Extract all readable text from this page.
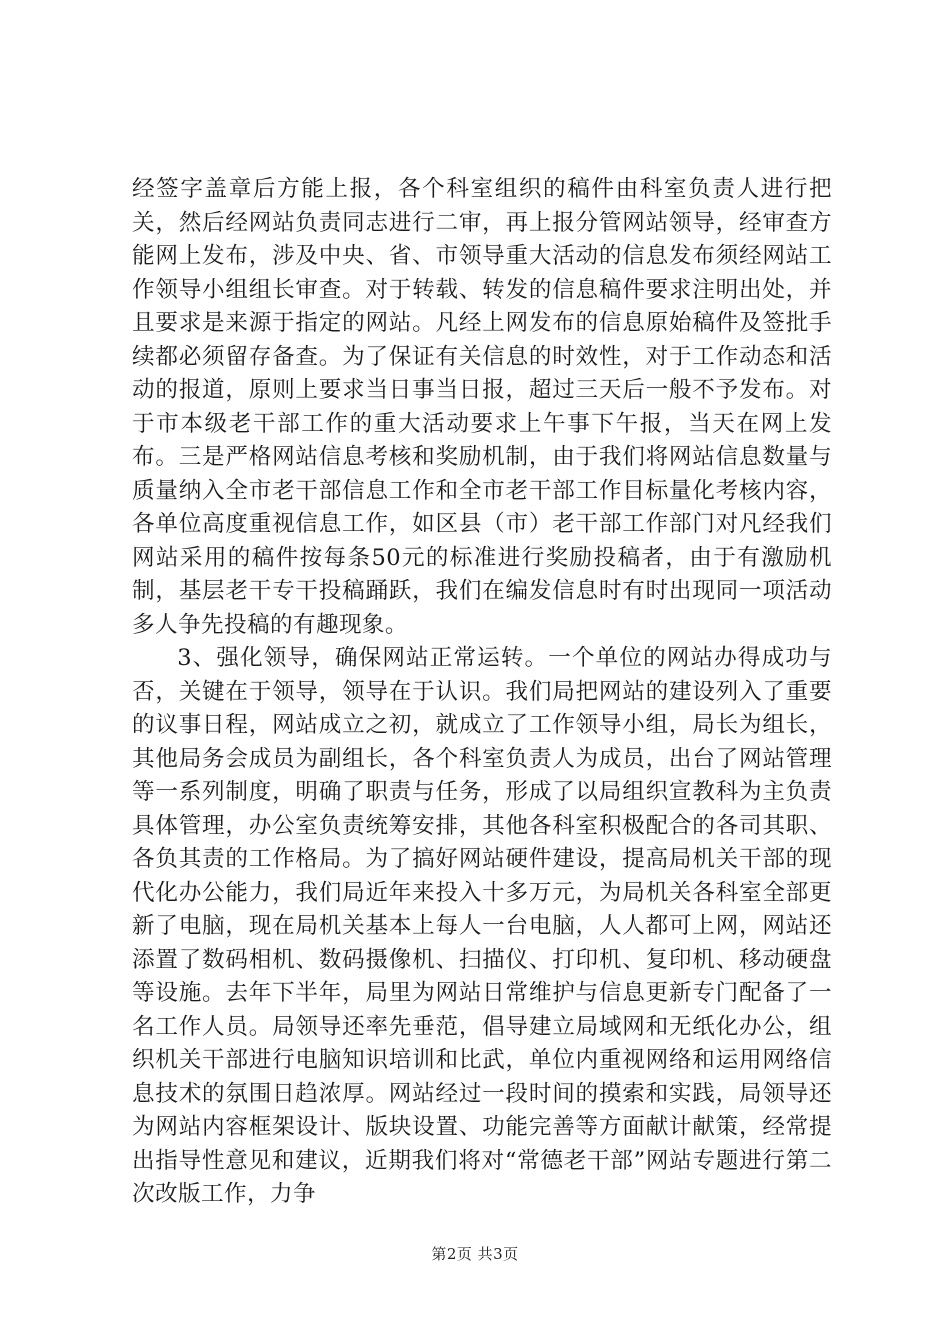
经签字盖章后方能上报，各个科室组织的稿件由科室负责人进行把关，然后经网站负责同志进行二审，再上报分管网站领导，经审查方能网上发布，涉及中央、省、市领导重大活动的信息发布须经网站工作领导小组组长审查。对于转载、转发的信息稿件要求注明出处，并且要求是来源于指定的网站。凡经上网发布的信息原始稿件及签批手续都必须留存备查。为了保证有关信息的时效性，对于工作动态和活动的报道，原则上要求当日事当日报，超过三天后一般不予发布。对于市本级老干部工作的重大活动要求上午事下午报，当天在网上发布。三是严格网站信息考核和奖励机制，由于我们将网站信息数量与质量纳入全市老干部信息工作和全市老干部工作目标量化考核内容，各单位高度重视信息工作，如区县（市）老干部工作部门对凡经我们网站采用的稿件按每条50元的标准进行奖励投稿者，由于有激励机制，基层老干专干投稿踊跃，我们在编发信息时有时出现同一项活动多人争先投稿的有趣现象。

3、强化领导，确保网站正常运转。一个单位的网站办得成功与否，关键在于领导，领导在于认识。我们局把网站的建设列入了重要的议事日程，网站成立之初，就成立了工作领导小组，局长为组长，其他局务会成员为副组长，各个科室负责人为成员，出台了网站管理等一系列制度，明确了职责与任务，形成了以局组织宣教科为主负责具体管理，办公室负责统筹安排，其他各科室积极配合的各司其职、各负其责的工作格局。为了搞好网站硬件建设，提高局机关干部的现代化办公能力，我们局近年来投入十多万元，为局机关各科室全部更新了电脑，现在局机关基本上每人一台电脑，人人都可上网，网站还添置了数码相机、数码摄像机、扫描仪、打印机、复印机、移动硬盘等设施。去年下半年，局里为网站日常维护与信息更新专门配备了一名工作人员。局领导还率先垂范，倡导建立局域网和无纸化办公，组织机关干部进行电脑知识培训和比武，单位内重视网络和运用网络信息技术的氛围日趋浓厚。网站经过一段时间的摸索和实践，局领导还为网站内容框架设计、版块设置、功能完善等方面献计献策，经常提出指导性意见和建议，近期我们将对“常德老干部”网站专题进行第二次改版工作，力争

第2页 共3页
